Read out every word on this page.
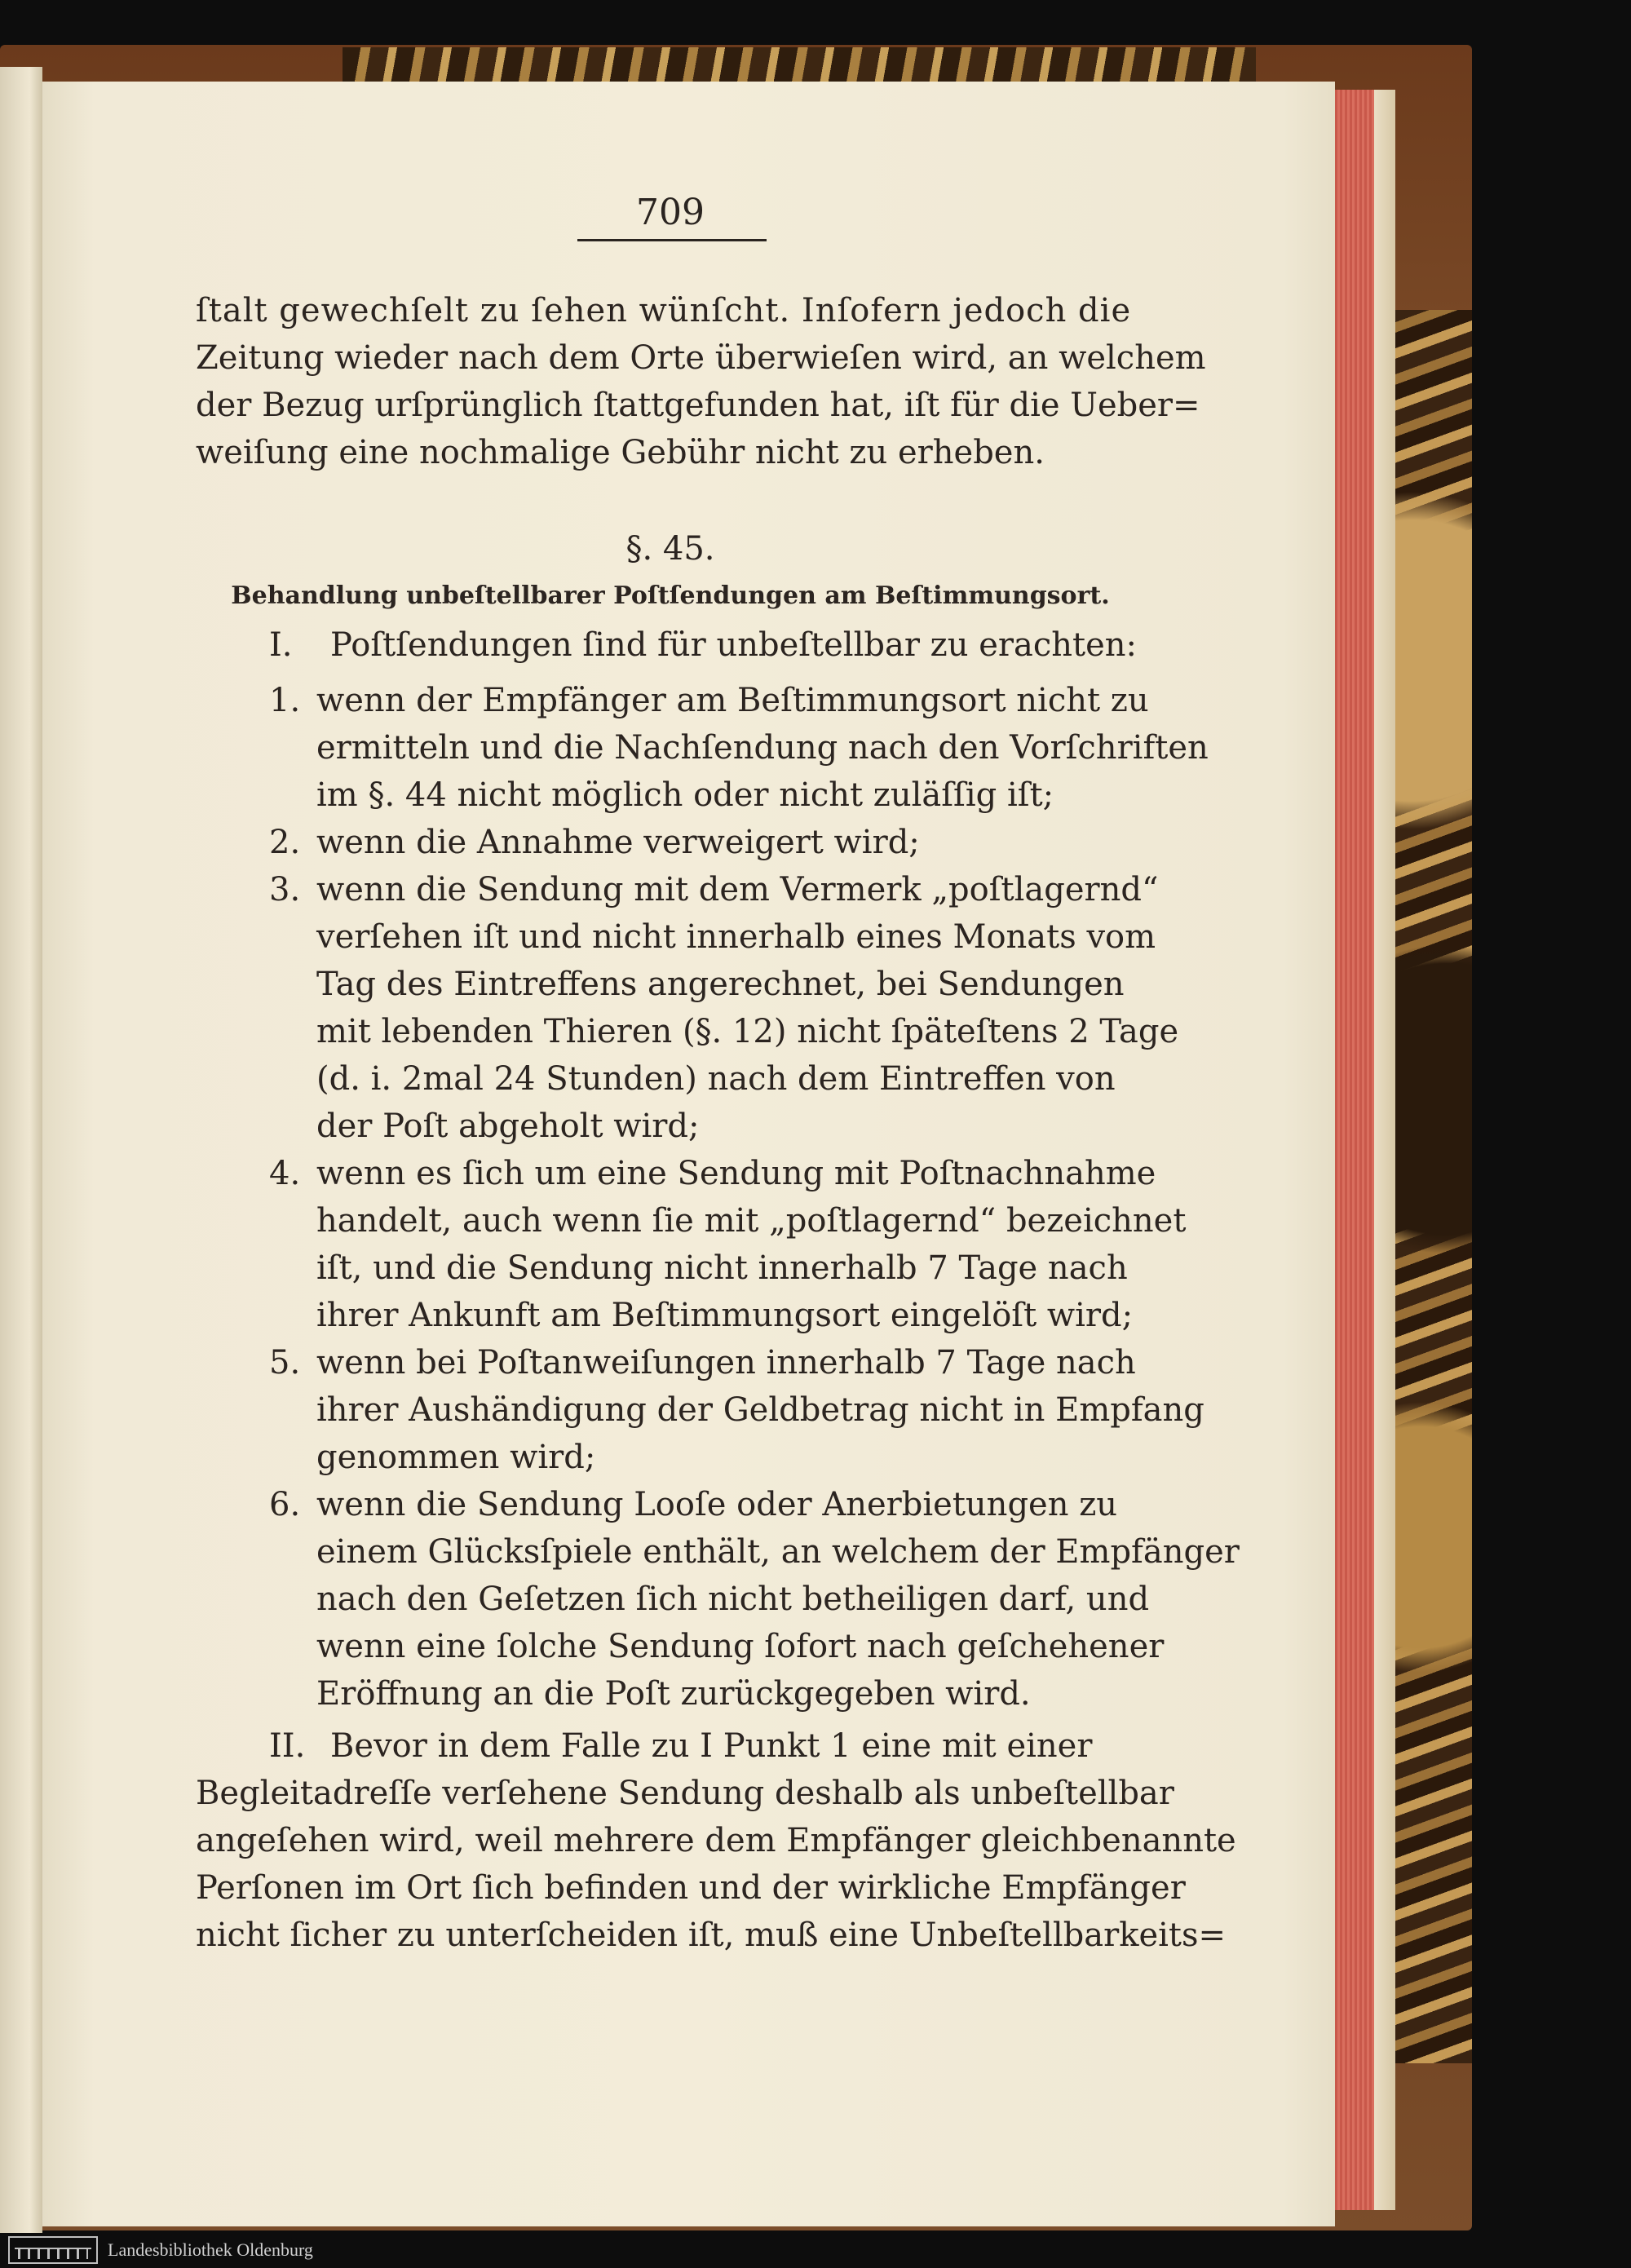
709
ſtalt gewechſelt zu ſehen wünſcht. Inſofern jedoch die
Zeitung wieder nach dem Orte überwieſen wird, an welchem
der Bezug urſprünglich ſtattgefunden hat, iſt für die Ueber=
weiſung eine nochmalige Gebühr nicht zu erheben.
§. 45.
Behandlung unbeſtellbarer Poſtſendungen am Beſtimmungsort.
I. Poſtſendungen ſind für unbeſtellbar zu erachten:
1. wenn der Empfänger am Beſtimmungsort nicht zu
ermitteln und die Nachſendung nach den Vorſchriften
im §. 44 nicht möglich oder nicht zuläſſig iſt;
2. wenn die Annahme verweigert wird;
3. wenn die Sendung mit dem Vermerk „poſtlagernd“
verſehen iſt und nicht innerhalb eines Monats vom
Tag des Eintreffens angerechnet, bei Sendungen
mit lebenden Thieren (§. 12) nicht ſpäteſtens 2 Tage
(d. i. 2mal 24 Stunden) nach dem Eintreffen von
der Poſt abgeholt wird;
4. wenn es ſich um eine Sendung mit Poſtnachnahme
handelt, auch wenn ſie mit „poſtlagernd“ bezeichnet
iſt, und die Sendung nicht innerhalb 7 Tage nach
ihrer Ankunft am Beſtimmungsort eingelöſt wird;
5. wenn bei Poſtanweiſungen innerhalb 7 Tage nach
ihrer Aushändigung der Geldbetrag nicht in Empfang
genommen wird;
6. wenn die Sendung Looſe oder Anerbietungen zu
einem Glücksſpiele enthält, an welchem der Empfänger
nach den Geſetzen ſich nicht betheiligen darf, und
wenn eine ſolche Sendung ſofort nach geſchehener
Eröffnung an die Poſt zurückgegeben wird.
II. Bevor in dem Falle zu I Punkt 1 eine mit einer
Begleitadreſſe verſehene Sendung deshalb als unbeſtellbar
angeſehen wird, weil mehrere dem Empfänger gleichbenannte
Perſonen im Ort ſich befinden und der wirkliche Empfänger
nicht ſicher zu unterſcheiden iſt, muß eine Unbeſtellbarkeits=
Landesbibliothek Oldenburg
